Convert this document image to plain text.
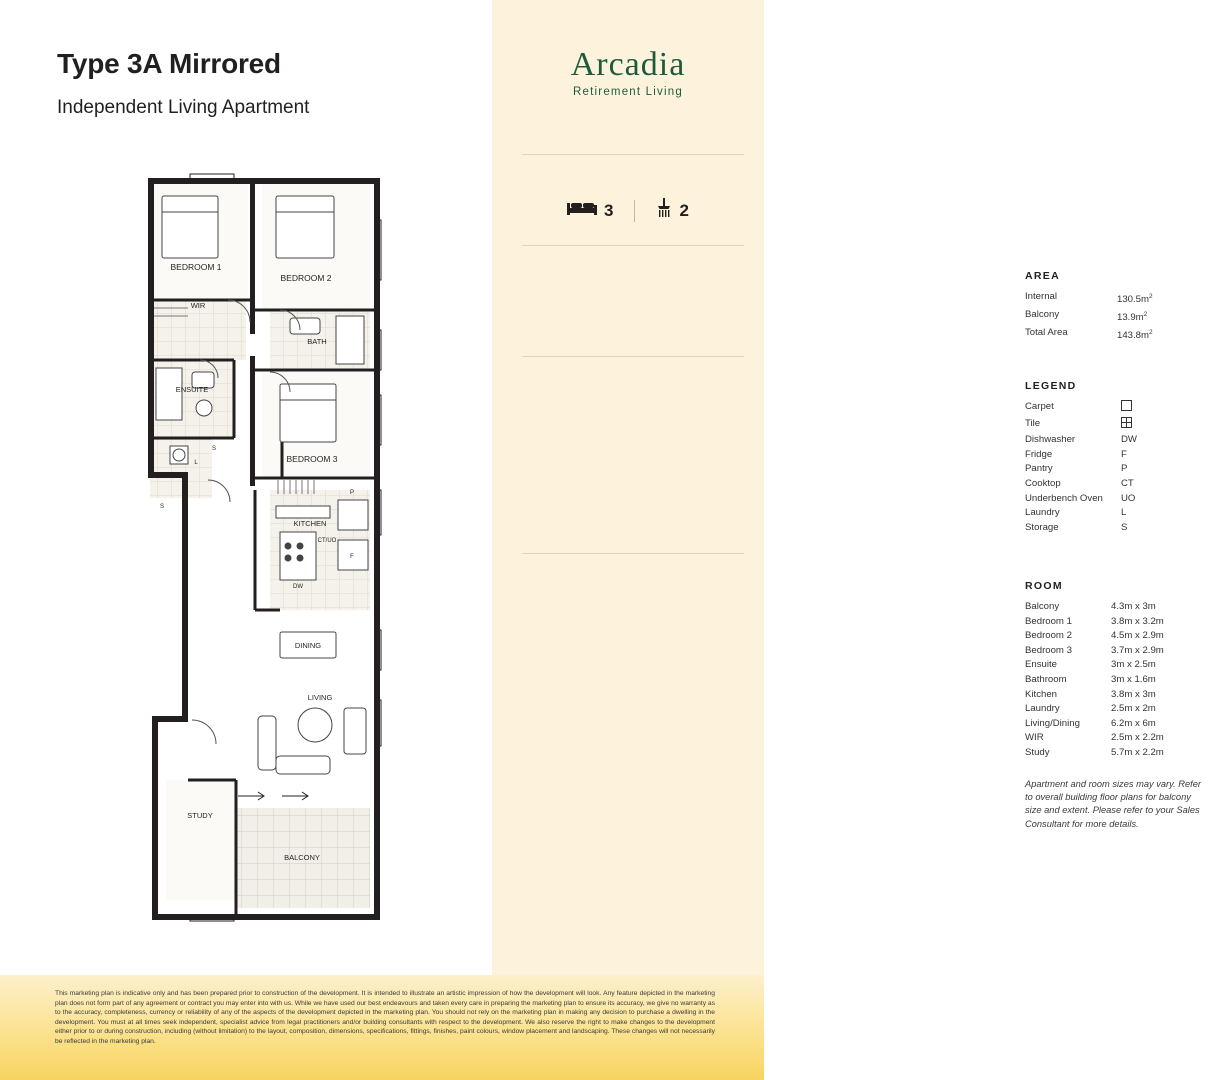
Type 3A Mirrored
Independent Living Apartment
Arcadia
Retirement Living
3	2
AREA
Internal	$130.5m^2$
Balcony	$13.9m^2$
Total Area	$143.8m^2$
LEGEND
Carpet
Tile
Dishwasher	DW
Fridge	F
Pantry	P
Cooktop	CT
Underbench Oven	UO
Laundry	L
Storage	S
ROOM
Balcony	4.3m x 3m
Bedroom 1	3.8m x 3.2m
Bedroom 2	4.5m x 2.9m
Bedroom 3	3.7m x 2.9m
Ensuite	3m x 2.5m
Bathroom	3m x 1.6m
Kitchen	3.8m x 3m
Laundry	2.5m x 2m
Living/Dining	6.2m x 6m
WIR	2.5m x 2.2m
Study	5.7m x 2.2m
Apartment and room sizes may vary. Refer to overall building floor plans for balcony size and extent. Please refer to your Sales Consultant for more details.
BEDROOM 1
BEDROOM 2
BEDROOM 3
WIR
BATH
ENSUITE
KITCHEN
DINING
LIVING
STUDY
BALCONY
S
S
L
P
CT/UO
DW
F
This marketing plan is indicative only and has been prepared prior to construction of the development. It is intended to illustrate an artistic impression of how the development will look. Any feature depicted in the marketing plan does not form part of any agreement or contract you may enter into with us. While we have used our best endeavours and taken every care in preparing the marketing plan to ensure its accuracy, we give no warranty as to the accuracy, completeness, currency or reliability of any of the aspects of the development depicted in the marketing plan. You should not rely on the marketing plan in making any decision to purchase a dwelling in the development. You must at all times seek independent, specialist advice from legal practitioners and/or building consultants with respect to the development. We also reserve the right to make changes to the development either prior to or during construction, including (without limitation) to the layout, composition, dimensions, specifications, fittings, finishes, paint colours, window placement and landscaping. These changes will not necessarily be reflected in the marketing plan.
